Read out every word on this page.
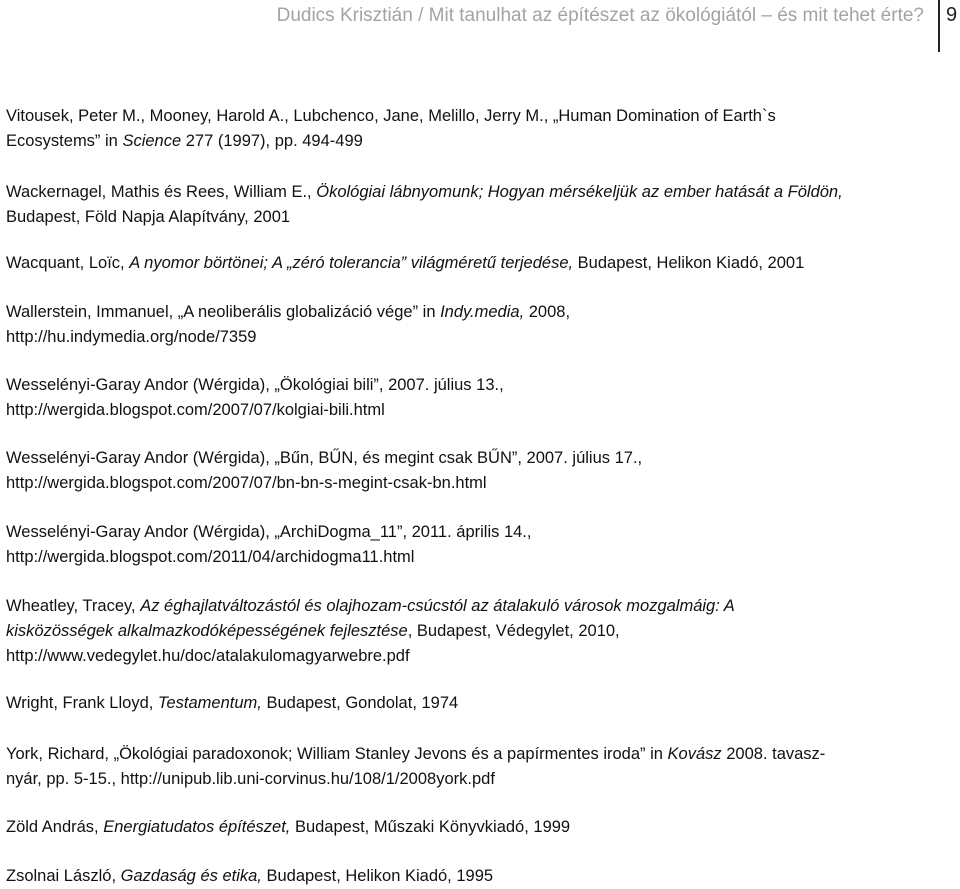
Dudics Krisztián / Mit tanulhat az építészet az ökológiától – és mit tehet érte? 9
Vitousek, Peter M., Mooney, Harold A., Lubchenco, Jane, Melillo, Jerry M., „Human Domination of Earth`s
Ecosystems” in Science 277 (1997), pp. 494-499
Wackernagel, Mathis és Rees, William E., Ökológiai lábnyomunk; Hogyan mérsékeljük az ember hatását a Földön,
Budapest, Föld Napja Alapítvány, 2001
Wacquant, Loïc, A nyomor börtönei; A „zéró tolerancia” világméretű terjedése, Budapest, Helikon Kiadó, 2001
Wallerstein, Immanuel, „A neoliberális globalizáció vége” in Indy.media, 2008,
http://hu.indymedia.org/node/7359
Wesselényi-Garay Andor (Wérgida), „Ökológiai bili”, 2007. július 13.,
http://wergida.blogspot.com/2007/07/kolgiai-bili.html
Wesselényi-Garay Andor (Wérgida), „Bűn, BŰN, és megint csak BŰN”, 2007. július 17.,
http://wergida.blogspot.com/2007/07/bn-bn-s-megint-csak-bn.html
Wesselényi-Garay Andor (Wérgida), „ArchiDogma_11”, 2011. április 14.,
http://wergida.blogspot.com/2011/04/archidogma11.html
Wheatley, Tracey, Az éghajlatváltozástól és olajhozam-csúcstól az átalakuló városok mozgalmáig: A
kisközösségek alkalmazkodóképességének fejlesztése, Budapest, Védegylet, 2010,
http://www.vedegylet.hu/doc/atalakulomagyarwebre.pdf
Wright, Frank Lloyd, Testamentum, Budapest, Gondolat, 1974
York, Richard, „Ökológiai paradoxonok; William Stanley Jevons és a papírmentes iroda” in Kovász 2008. tavasz-
nyár, pp. 5-15., http://unipub.lib.uni-corvinus.hu/108/1/2008york.pdf
Zöld András, Energiatudatos építészet, Budapest, Műszaki Könyvkiadó, 1999
Zsolnai László, Gazdaság és etika, Budapest, Helikon Kiadó, 1995
